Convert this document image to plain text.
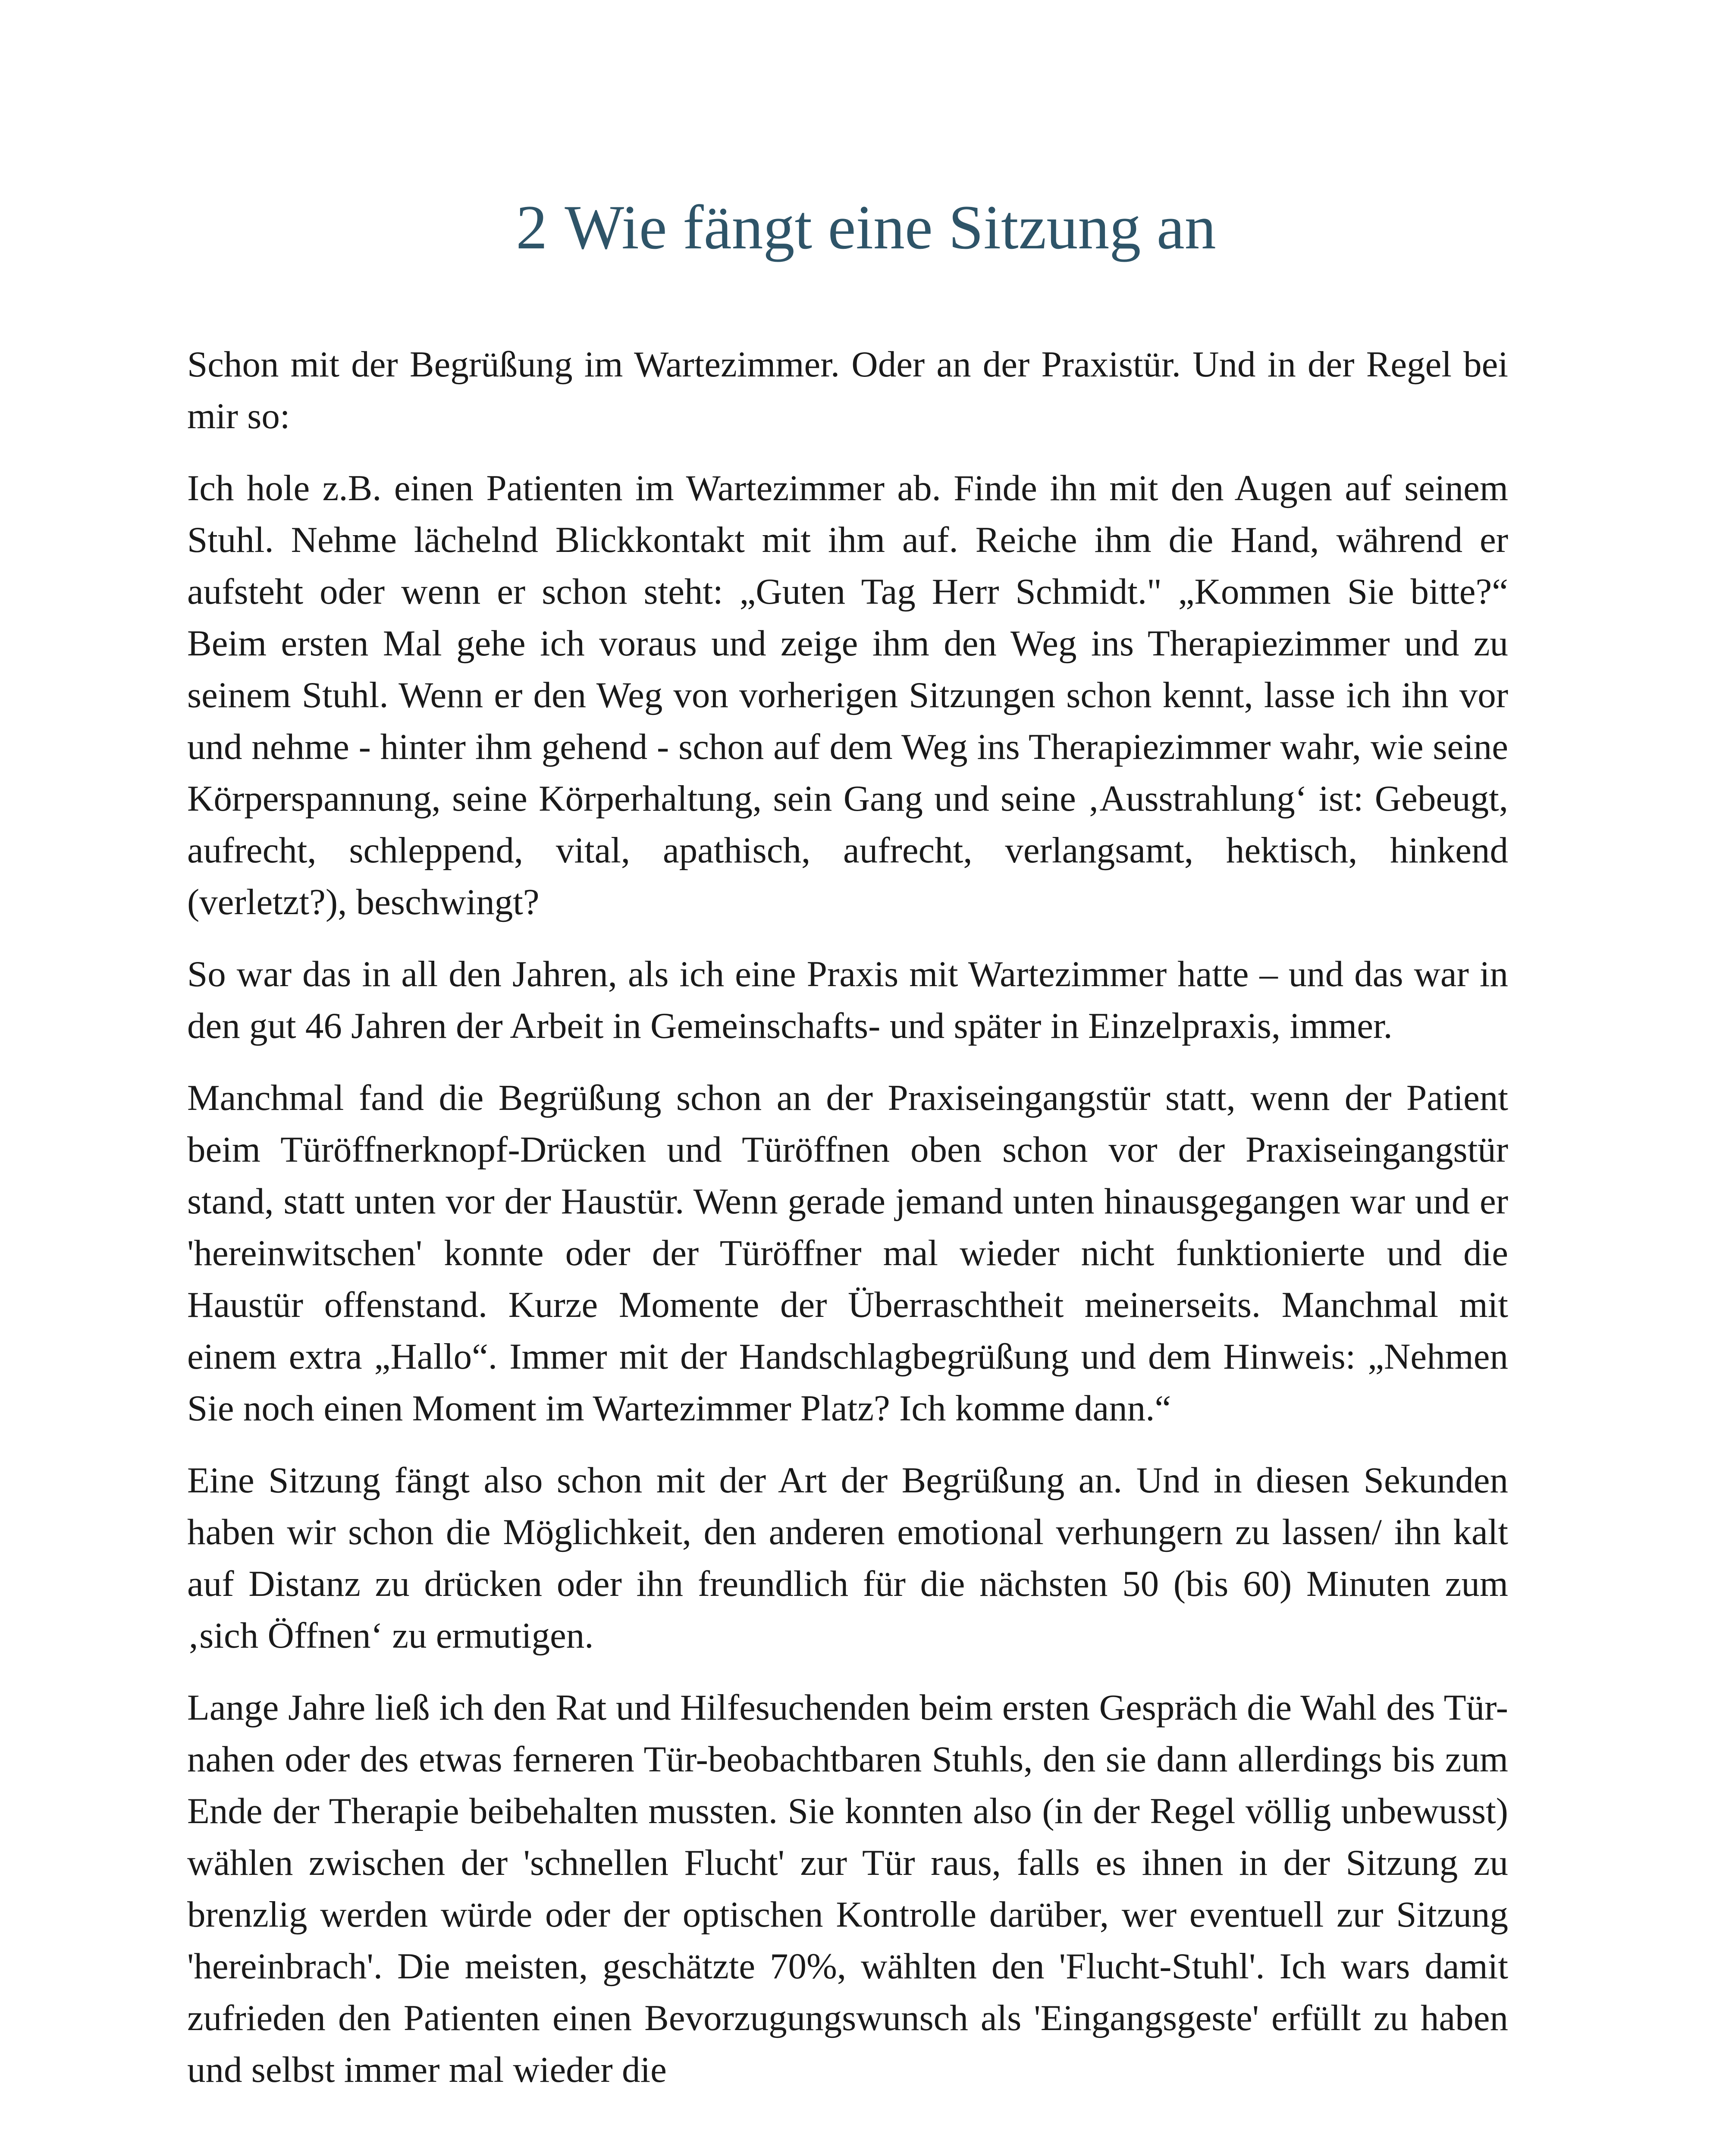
2 Wie fängt eine Sitzung an

Schon mit der Begrüßung im Wartezimmer. Oder an der Praxistür. Und in der Regel bei mir so:

Ich hole z.B. einen Patienten im Wartezimmer ab. Finde ihn mit den Augen auf seinem Stuhl. Nehme lächelnd Blickkontakt mit ihm auf. Reiche ihm die Hand, während er aufsteht oder wenn er schon steht: „Guten Tag Herr Schmidt." „Kommen Sie bitte?“ Beim ersten Mal gehe ich voraus und zeige ihm den Weg ins Therapiezimmer und zu seinem Stuhl. Wenn er den Weg von vorherigen Sitzungen schon kennt, lasse ich ihn vor und nehme - hinter ihm gehend - schon auf dem Weg ins Therapiezimmer wahr, wie seine Körperspannung, seine Körperhaltung, sein Gang und seine ‚Ausstrahlung‘ ist: Gebeugt, aufrecht, schleppend, vital, apathisch, aufrecht, verlangsamt, hektisch, hinkend (verletzt?), beschwingt?

So war das in all den Jahren, als ich eine Praxis mit Wartezimmer hatte – und das war in den gut 46 Jahren der Arbeit in Gemeinschafts- und später in Einzelpraxis, immer.

Manchmal fand die Begrüßung schon an der Praxiseingangstür statt, wenn der Patient beim Türöffnerknopf-Drücken und Türöffnen oben schon vor der Praxiseingangstür stand, statt unten vor der Haustür. Wenn gerade jemand unten hinausgegangen war und er 'hereinwitschen' konnte oder der Türöffner mal wieder nicht funktionierte und die Haustür offenstand. Kurze Momente der Überraschtheit meinerseits. Manchmal mit einem extra „Hallo“. Immer mit der Handschlagbegrüßung und dem Hinweis: „Nehmen Sie noch einen Moment im Wartezimmer Platz? Ich komme dann.“

Eine Sitzung fängt also schon mit der Art der Begrüßung an. Und in diesen Sekunden haben wir schon die Möglichkeit, den anderen emotional verhungern zu lassen/ ihn kalt auf Distanz zu drücken oder ihn freundlich für die nächsten 50 (bis 60) Minuten zum ‚sich Öffnen‘ zu ermutigen.

Lange Jahre ließ ich den Rat und Hilfesuchenden beim ersten Gespräch die Wahl des Tür-nahen oder des etwas ferneren Tür-beobachtbaren Stuhls, den sie dann allerdings bis zum Ende der Therapie beibehalten mussten. Sie konnten also (in der Regel völlig unbewusst) wählen zwischen der 'schnellen Flucht' zur Tür raus, falls es ihnen in der Sitzung zu brenzlig werden würde oder der optischen Kontrolle darüber, wer eventuell zur Sitzung 'hereinbrach'. Die meisten, geschätzte 70%, wählten den 'Flucht-Stuhl'. Ich wars damit zufrieden den Patienten einen Bevorzugungswunsch als 'Eingangsgeste' erfüllt zu haben und selbst immer mal wieder die
